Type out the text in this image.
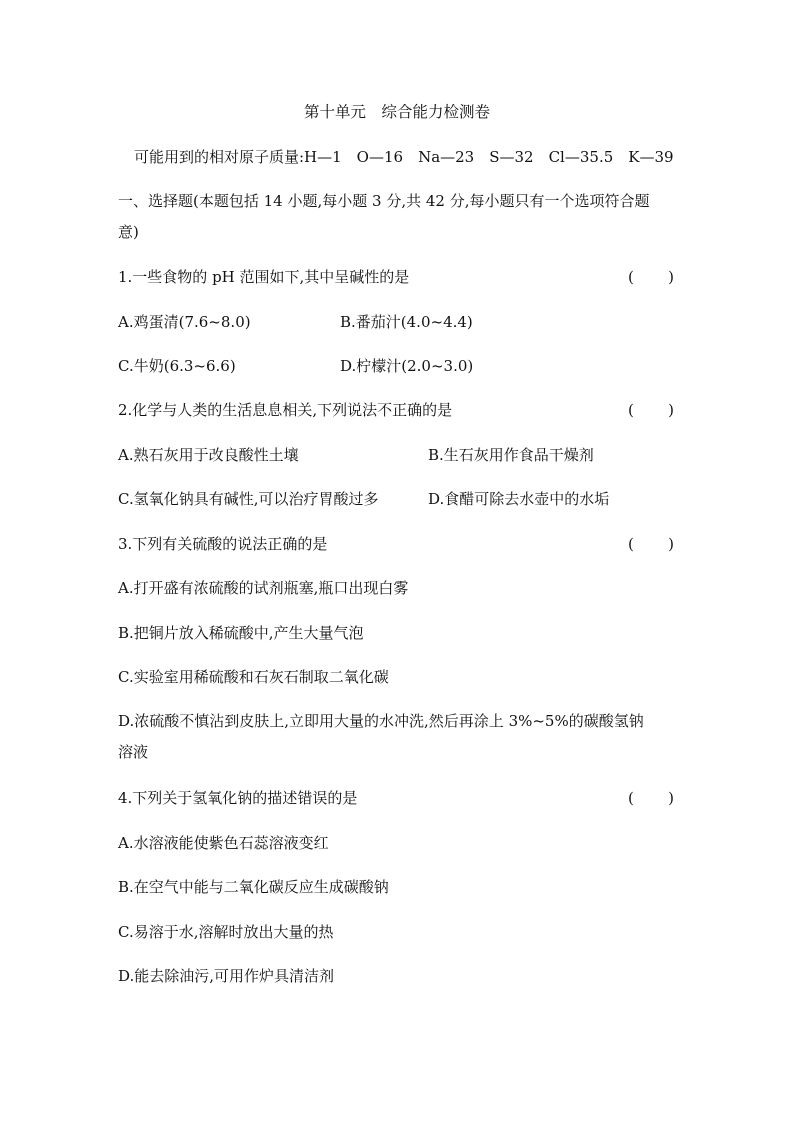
第十单元　综合能力检测卷
可能用到的相对原子质量:H—1　O—16　Na—23　S—32　Cl—35.5　K—39
一、选择题(本题包括 14 小题,每小题 3 分,共 42 分,每小题只有一个选项符合题
意)
1.一些食物的 pH 范围如下,其中呈碱性的是	( )
A.鸡蛋清(7.6~8.0)	B.番茄汁(4.0~4.4)
C.牛奶(6.3~6.6)	D.柠檬汁(2.0~3.0)
2.化学与人类的生活息息相关,下列说法不正确的是	( )
A.熟石灰用于改良酸性土壤	B.生石灰用作食品干燥剂
C.氢氧化钠具有碱性,可以治疗胃酸过多	D.食醋可除去水壶中的水垢
3.下列有关硫酸的说法正确的是	( )
A.打开盛有浓硫酸的试剂瓶塞,瓶口出现白雾
B.把铜片放入稀硫酸中,产生大量气泡
C.实验室用稀硫酸和石灰石制取二氧化碳
D.浓硫酸不慎沾到皮肤上,立即用大量的水冲洗,然后再涂上 3%~5%的碳酸氢钠
溶液
4.下列关于氢氧化钠的描述错误的是	( )
A.水溶液能使紫色石蕊溶液变红
B.在空气中能与二氧化碳反应生成碳酸钠
C.易溶于水,溶解时放出大量的热
D.能去除油污,可用作炉具清洁剂
